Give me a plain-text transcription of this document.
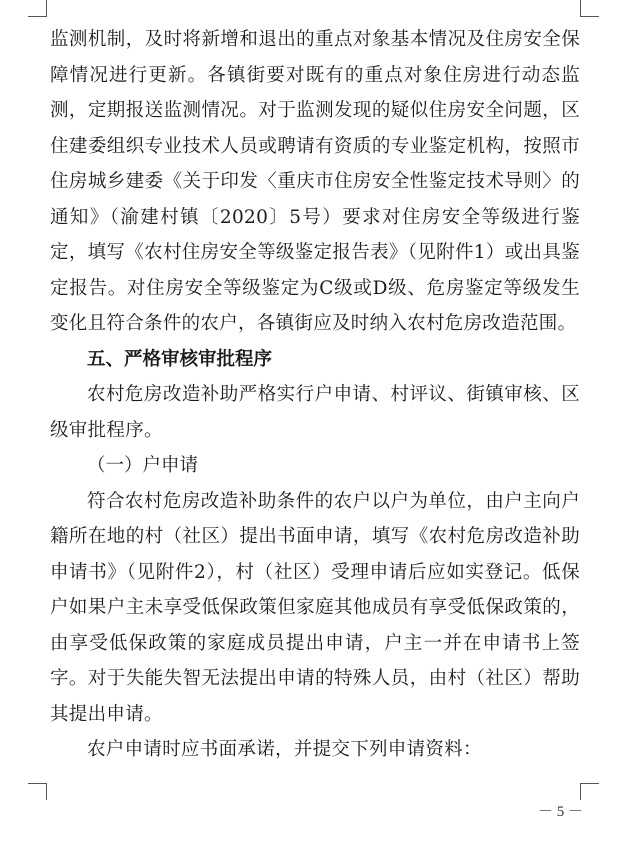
监测机制，及时将新增和退出的重点对象基本情况及住房安全保障情况进行更新。各镇街要对既有的重点对象住房进行动态监测，定期报送监测情况。对于监测发现的疑似住房安全问题，区住建委组织专业技术人员或聘请有资质的专业鉴定机构，按照市住房城乡建委《关于印发〈重庆市住房安全性鉴定技术导则〉的通知》（渝建村镇〔2020〕5号）要求对住房安全等级进行鉴定，填写《农村住房安全等级鉴定报告表》（见附件1）或出具鉴定报告。对住房安全等级鉴定为C级或D级、危房鉴定等级发生变化且符合条件的农户，各镇街应及时纳入农村危房改造范围。

五、严格审核审批程序

农村危房改造补助严格实行户申请、村评议、街镇审核、区级审批程序。

（一）户申请

符合农村危房改造补助条件的农户以户为单位，由户主向户籍所在地的村（社区）提出书面申请，填写《农村危房改造补助申请书》（见附件2），村（社区）受理申请后应如实登记。低保户如果户主未享受低保政策但家庭其他成员有享受低保政策的，由享受低保政策的家庭成员提出申请，户主一并在申请书上签字。对于失能失智无法提出申请的特殊人员，由村（社区）帮助其提出申请。

农户申请时应书面承诺，并提交下列申请资料：

－ 5 －
